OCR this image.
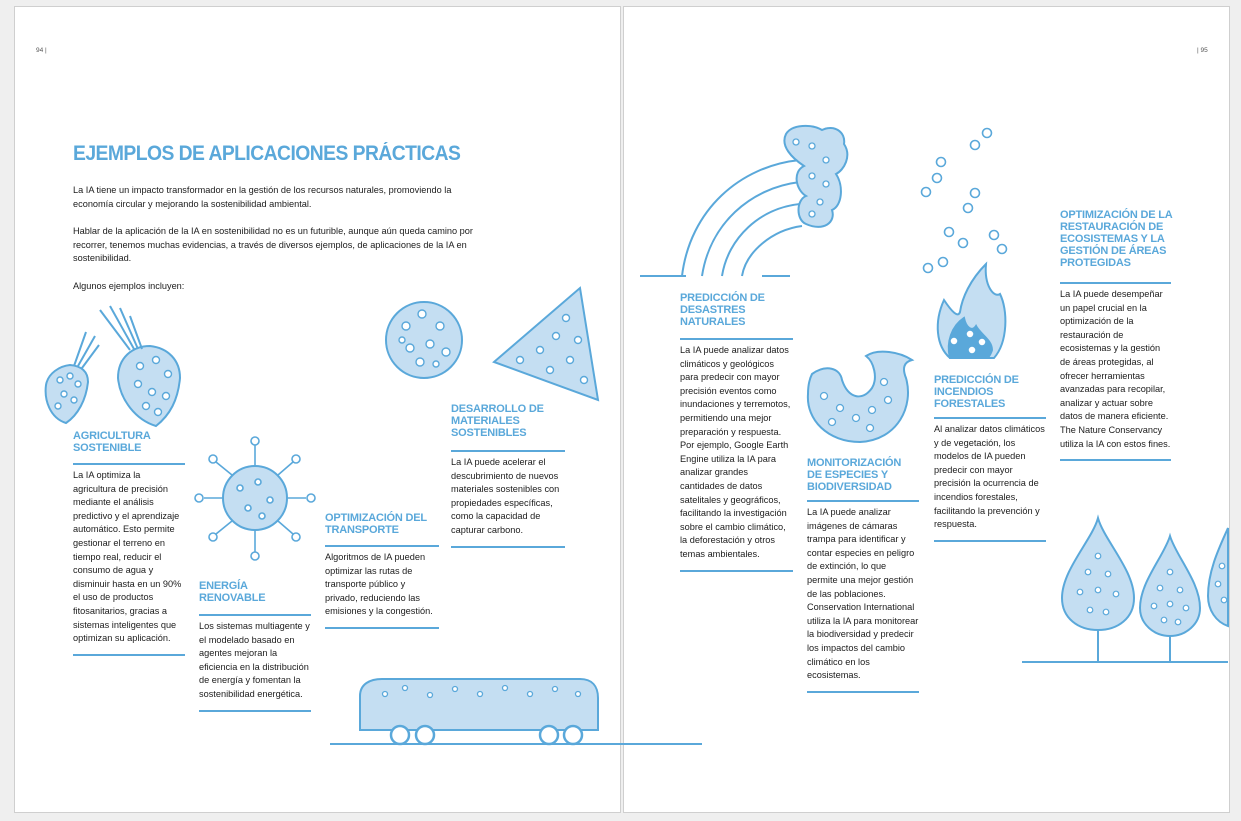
94 |	| 95
EJEMPLOS DE APLICACIONES PRÁCTICAS

La IA tiene un impacto transformador en la gestión de los recursos naturales, promoviendo la economía circular y mejorando la sostenibilidad ambiental.

Hablar de la aplicación de la IA en sostenibilidad no es un futurible, aunque aún queda camino por recorrer, tenemos muchas evidencias, a través de diversos ejemplos, de aplicaciones de la IA en sostenibilidad.

Algunos ejemplos incluyen:

AGRICULTURA SOSTENIBLE

La IA optimiza la agricultura de precisión mediante el análisis predictivo y el aprendizaje automático. Esto permite gestionar el terreno en tiempo real, reducir el consumo de agua y disminuir hasta en un 90% el uso de productos fitosanitarios, gracias a sistemas inteligentes que optimizan su aplicación.

ENERGÍA RENOVABLE

Los sistemas multiagente y el modelado basado en agentes mejoran la eficiencia en la distribución de energía y fomentan la sostenibilidad energética.

OPTIMIZACIÓN DEL TRANSPORTE

Algoritmos de IA pueden optimizar las rutas de transporte público y privado, reduciendo las emisiones y la congestión.

DESARROLLO DE MATERIALES SOSTENIBLES

La IA puede acelerar el descubrimiento de nuevos materiales sostenibles con propiedades específicas, como la capacidad de capturar carbono.

PREDICCIÓN DE DESASTRES NATURALES

La IA puede analizar datos climáticos y geológicos para predecir con mayor precisión eventos como inundaciones y terremotos, permitiendo una mejor preparación y respuesta. Por ejemplo, Google Earth Engine utiliza la IA para analizar grandes cantidades de datos satelitales y geográficos, facilitando la investigación sobre el cambio climático, la deforestación y otros temas ambientales.

MONITORIZACIÓN DE ESPECIES Y BIODIVERSIDAD

La IA puede analizar imágenes de cámaras trampa para identificar y contar especies en peligro de extinción, lo que permite una mejor gestión de las poblaciones. Conservation International utiliza la IA para monitorear la biodiversidad y predecir los impactos del cambio climático en los ecosistemas.

PREDICCIÓN DE INCENDIOS FORESTALES

Al analizar datos climáticos y de vegetación, los modelos de IA pueden predecir con mayor precisión la ocurrencia de incendios forestales, facilitando la prevención y respuesta.

OPTIMIZACIÓN DE LA RESTAURACIÓN DE ECOSISTEMAS Y LA GESTIÓN DE ÁREAS PROTEGIDAS

La IA puede desempeñar un papel crucial en la optimización de la restauración de ecosistemas y la gestión de áreas protegidas, al ofrecer herramientas avanzadas para recopilar, analizar y actuar sobre datos de manera eficiente. The Nature Conservancy utiliza la IA con estos fines.
